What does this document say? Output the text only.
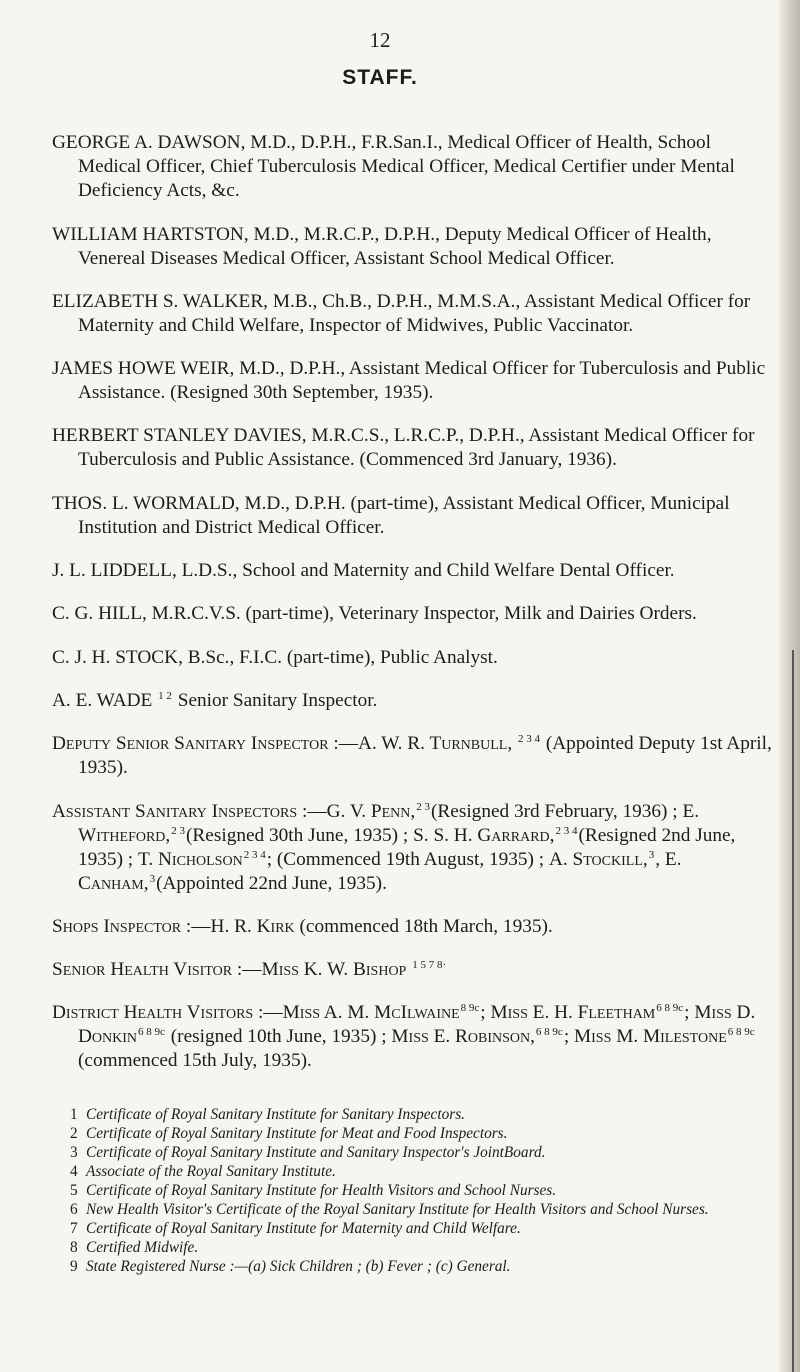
12
STAFF.

GEORGE A. DAWSON, M.D., D.P.H., F.R.San.I., Medical Officer of Health, School Medical Officer, Chief Tuberculosis Medical Officer, Medical Certifier under Mental Deficiency Acts, &c.

WILLIAM HARTSTON, M.D., M.R.C.P., D.P.H., Deputy Medical Officer of Health, Venereal Diseases Medical Officer, Assistant School Medical Officer.

ELIZABETH S. WALKER, M.B., Ch.B., D.P.H., M.M.S.A., Assistant Medical Officer for Maternity and Child Welfare, Inspector of Midwives, Public Vaccinator.

JAMES HOWE WEIR, M.D., D.P.H., Assistant Medical Officer for Tuberculosis and Public Assistance. (Resigned 30th September, 1935).

HERBERT STANLEY DAVIES, M.R.C.S., L.R.C.P., D.P.H., Assistant Medical Officer for Tuberculosis and Public Assistance. (Commenced 3rd January, 1936).

THOS. L. WORMALD, M.D., D.P.H. (part-time), Assistant Medical Officer, Municipal Institution and District Medical Officer.

J. L. LIDDELL, L.D.S., School and Maternity and Child Welfare Dental Officer.

C. G. HILL, M.R.C.V.S. (part-time), Veterinary Inspector, Milk and Dairies Orders.

C. J. H. STOCK, B.Sc., F.I.C. (part-time), Public Analyst.

A. E. WADE $^{1 2}$ Senior Sanitary Inspector.

Deputy Senior Sanitary Inspector :—A. W. R. Turnbull, $^{2 3 4}$ (Appointed Deputy 1st April, 1935).

Assistant Sanitary Inspectors :—G. V. Penn,$^{2 3}$(Resigned 3rd February, 1936) ; E. Witheford,$^{2 3}$(Resigned 30th June, 1935) ; S. S. H. Garrard,$^{2 3 4}$(Resigned 2nd June, 1935) ; T. Nicholson$^{2 3 4}$; (Commenced 19th August, 1935) ; A. Stockill,$^3$, E. Canham,$^3$(Appointed 22nd June, 1935).

Shops Inspector :—H. R. Kirk (commenced 18th March, 1935).

Senior Health Visitor :—Miss K. W. Bishop $^{1 5 7 8\cdot}$

District Health Visitors :—Miss A. M. McIlwaine$^{8 9c}$; Miss E. H. Fleetham$^{6 8 9c}$; Miss D. Donkin$^{6 8 9c}$ (resigned 10th June, 1935) ; Miss E. Robinson,$^{6 8 9c}$; Miss M. Milestone$^{6 8 9c}$ (commenced 15th July, 1935).

1 Certificate of Royal Sanitary Institute for Sanitary Inspectors.
2 Certificate of Royal Sanitary Institute for Meat and Food Inspectors.
3 Certificate of Royal Sanitary Institute and Sanitary Inspector's JointBoard.
4 Associate of the Royal Sanitary Institute.
5 Certificate of Royal Sanitary Institute for Health Visitors and School Nurses.
6 New Health Visitor's Certificate of the Royal Sanitary Institute for Health Visitors and School Nurses.
7 Certificate of Royal Sanitary Institute for Maternity and Child Welfare.
8 Certified Midwife.
9 State Registered Nurse :—(a) Sick Children ; (b) Fever ; (c) General.
